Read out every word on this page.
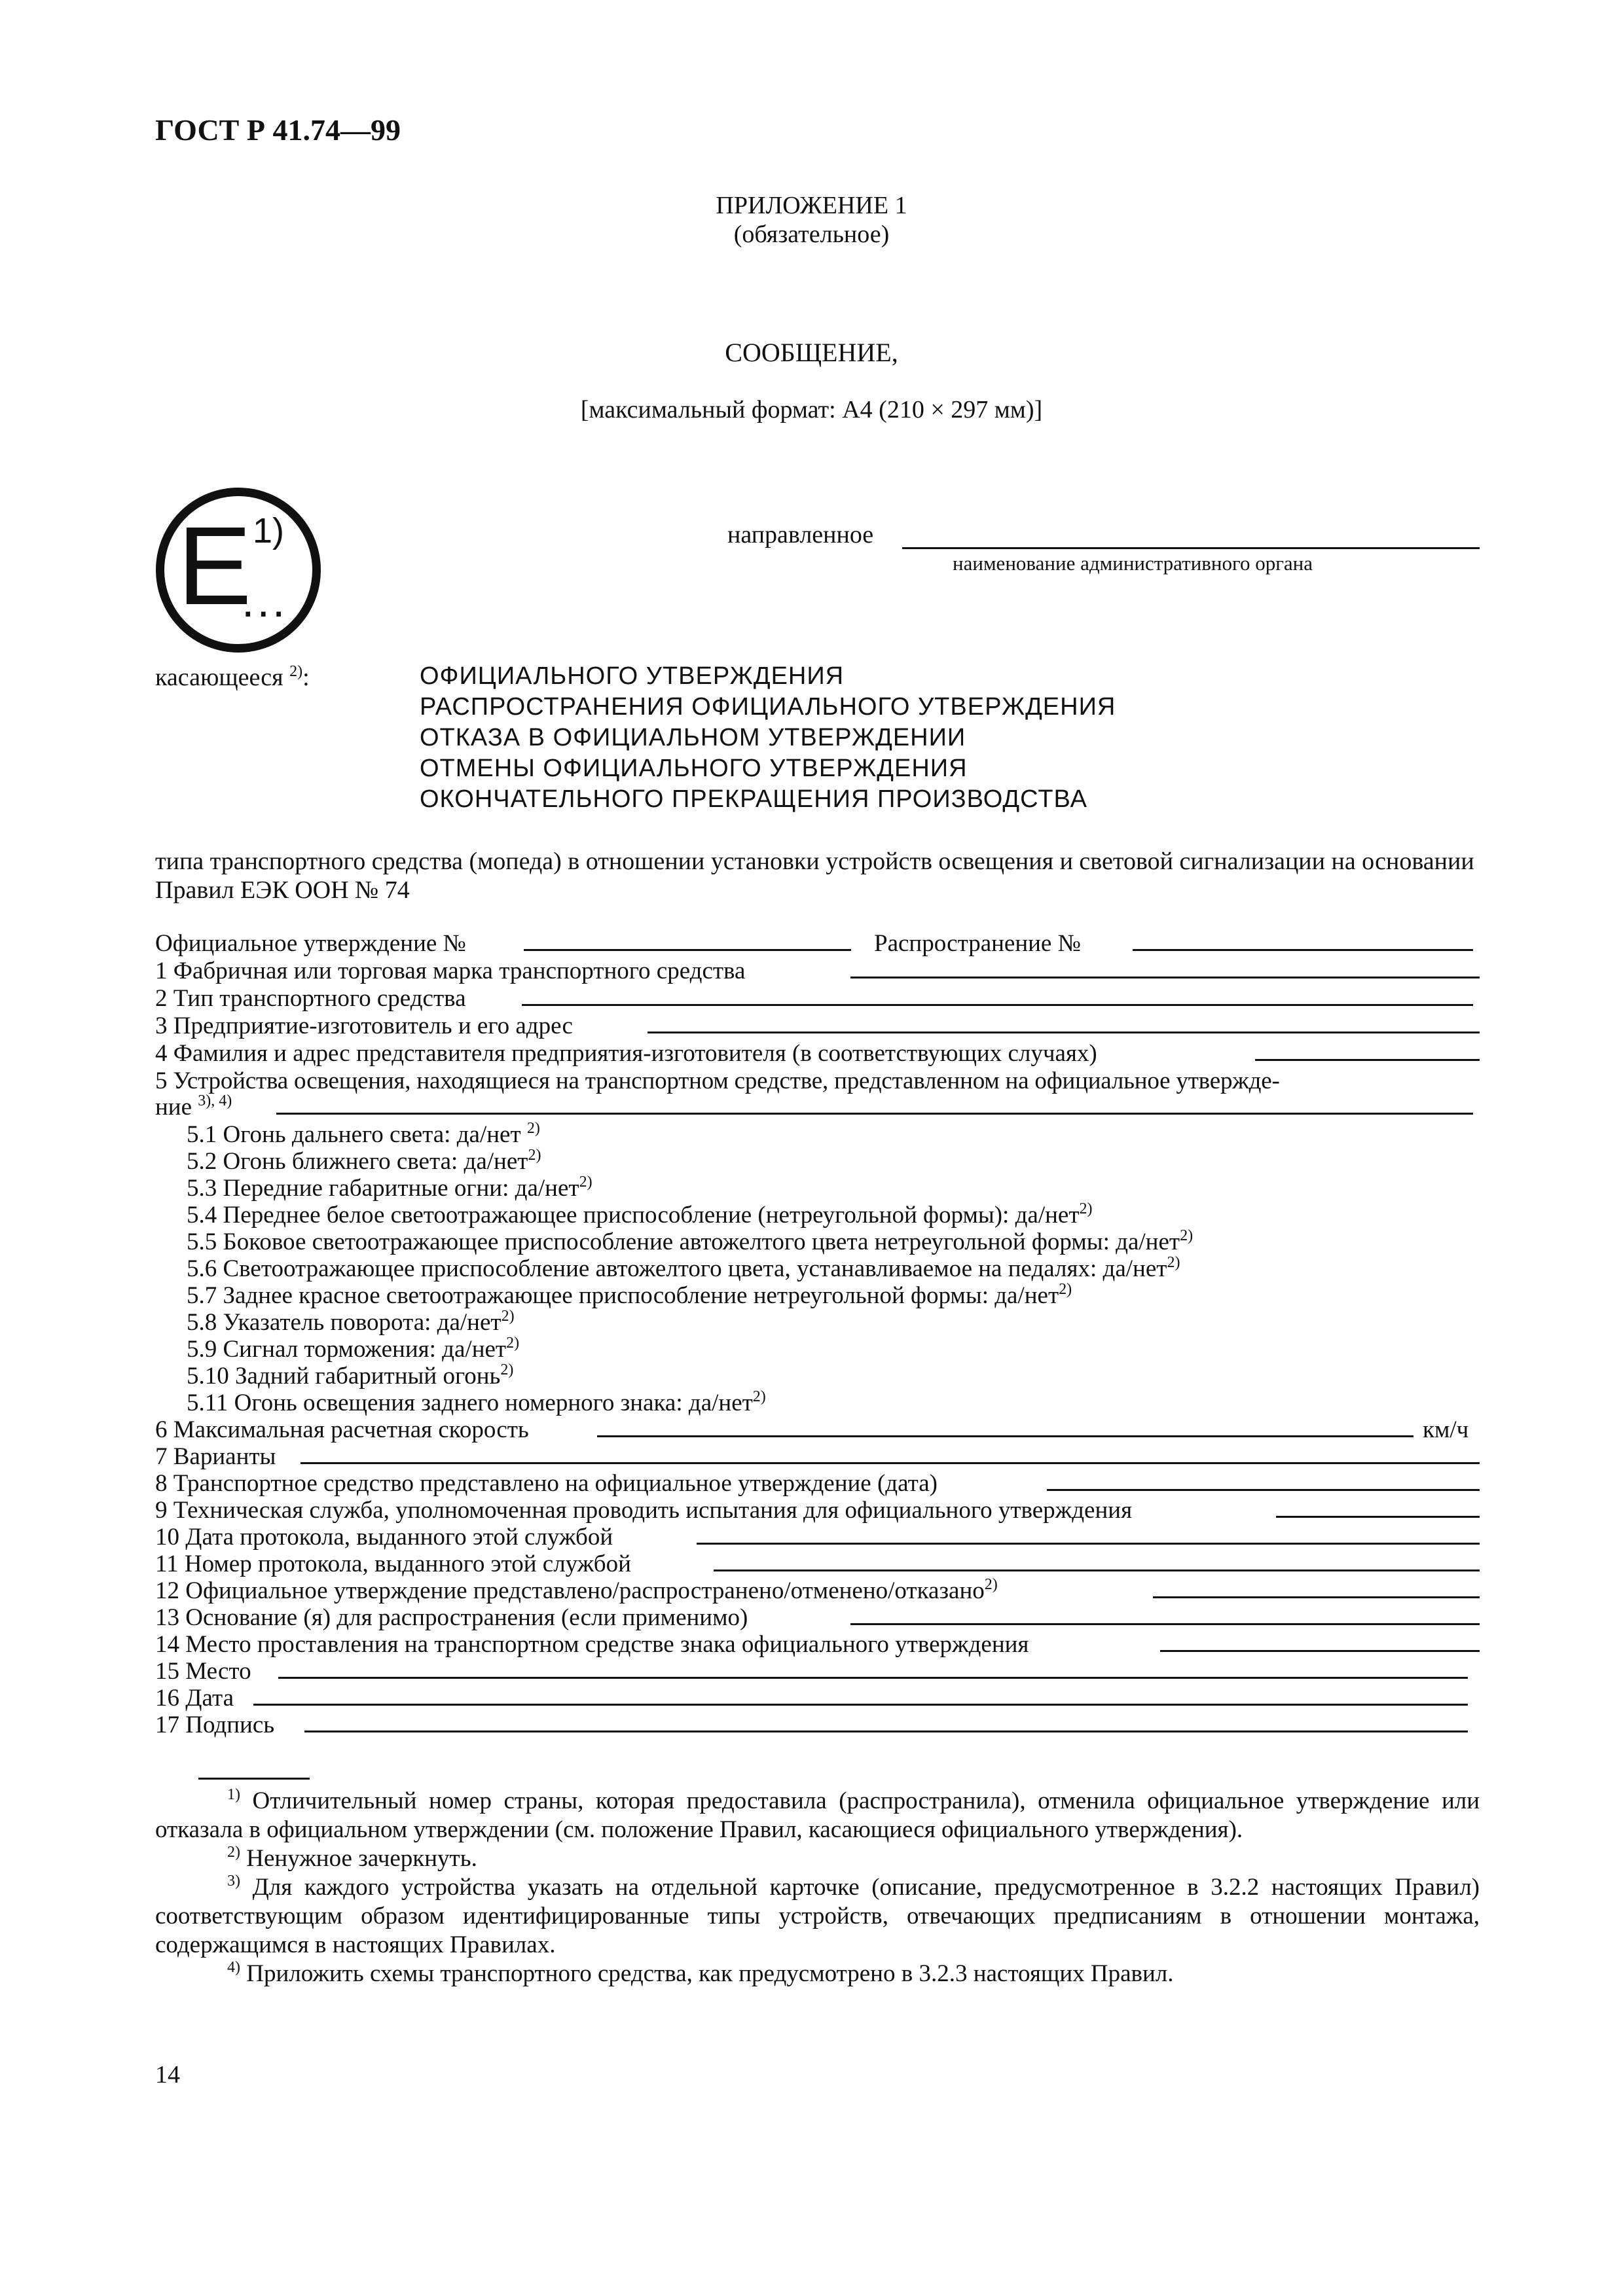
ГОСТ Р 41.74—99
ПРИЛОЖЕНИЕ 1
(обязательное)
СООБЩЕНИЕ,
[максимальный формат: А4 (210 × 297 мм)]
E 1)
...
направленное
наименование административного органа
касающееся $^{2)}$:	ОФИЦИАЛЬНОГО УТВЕРЖДЕНИЯ
РАСПРОСТРАНЕНИЯ ОФИЦИАЛЬНОГО УТВЕРЖДЕНИЯ
ОТКАЗА В ОФИЦИАЛЬНОМ УТВЕРЖДЕНИИ
ОТМЕНЫ ОФИЦИАЛЬНОГО УТВЕРЖДЕНИЯ
ОКОНЧАТЕЛЬНОГО ПРЕКРАЩЕНИЯ ПРОИЗВОДСТВА
типа транспортного средства (мопеда) в отношении установки устройств освещения и световой сигнализации на основании Правил ЕЭК ООН № 74
Официальное утверждение №	Распространение №
1 Фабричная или торговая марка транспортного средства
2 Тип транспортного средства
3 Предприятие-изготовитель и его адрес
4 Фамилия и адрес представителя предприятия-изготовителя (в соответствующих случаях)
5 Устройства освещения, находящиеся на транспортном средстве, представленном на официальное утвержде-
ние $^{3), 4)}$
5.1 Огонь дальнего света: да/нет $^{2)}$
5.2 Огонь ближнего света: да/нет$^{2)}$
5.3 Передние габаритные огни: да/нет$^{2)}$
5.4 Переднее белое светоотражающее приспособление (нетреугольной формы): да/нет$^{2)}$
5.5 Боковое светоотражающее приспособление автожелтого цвета нетреугольной формы: да/нет$^{2)}$
5.6 Светоотражающее приспособление автожелтого цвета, устанавливаемое на педалях: да/нет$^{2)}$
5.7 Заднее красное светоотражающее приспособление нетреугольной формы: да/нет$^{2)}$
5.8 Указатель поворота: да/нет$^{2)}$
5.9 Сигнал торможения: да/нет$^{2)}$
5.10 Задний габаритный огонь$^{2)}$
5.11 Огонь освещения заднего номерного знака: да/нет$^{2)}$
6 Максимальная расчетная скорость	км/ч
7 Варианты
8 Транспортное средство представлено на официальное утверждение (дата)
9 Техническая служба, уполномоченная проводить испытания для официального утверждения
10 Дата протокола, выданного этой службой
11 Номер протокола, выданного этой службой
12 Официальное утверждение представлено/распространено/отменено/отказано$^{2)}$
13 Основание (я) для распространения (если применимо)
14 Место проставления на транспортном средстве знака официального утверждения
15 Место
16 Дата
17 Подпись

$^{1)}$ Отличительный номер страны, которая предоставила (распространила), отменила официальное утверждение или отказала в официальном утверждении (см. положение Правил, касающиеся официального утверждения).

$^{2)}$ Ненужное зачеркнуть.

$^{3)}$ Для каждого устройства указать на отдельной карточке (описание, предусмотренное в 3.2.2 настоящих Правил) соответствующим образом идентифицированные типы устройств, отвечающих предписаниям в отношении монтажа, содержащимся в настоящих Правилах.

$^{4)}$ Приложить схемы транспортного средства, как предусмотрено в 3.2.3 настоящих Правил.

14
